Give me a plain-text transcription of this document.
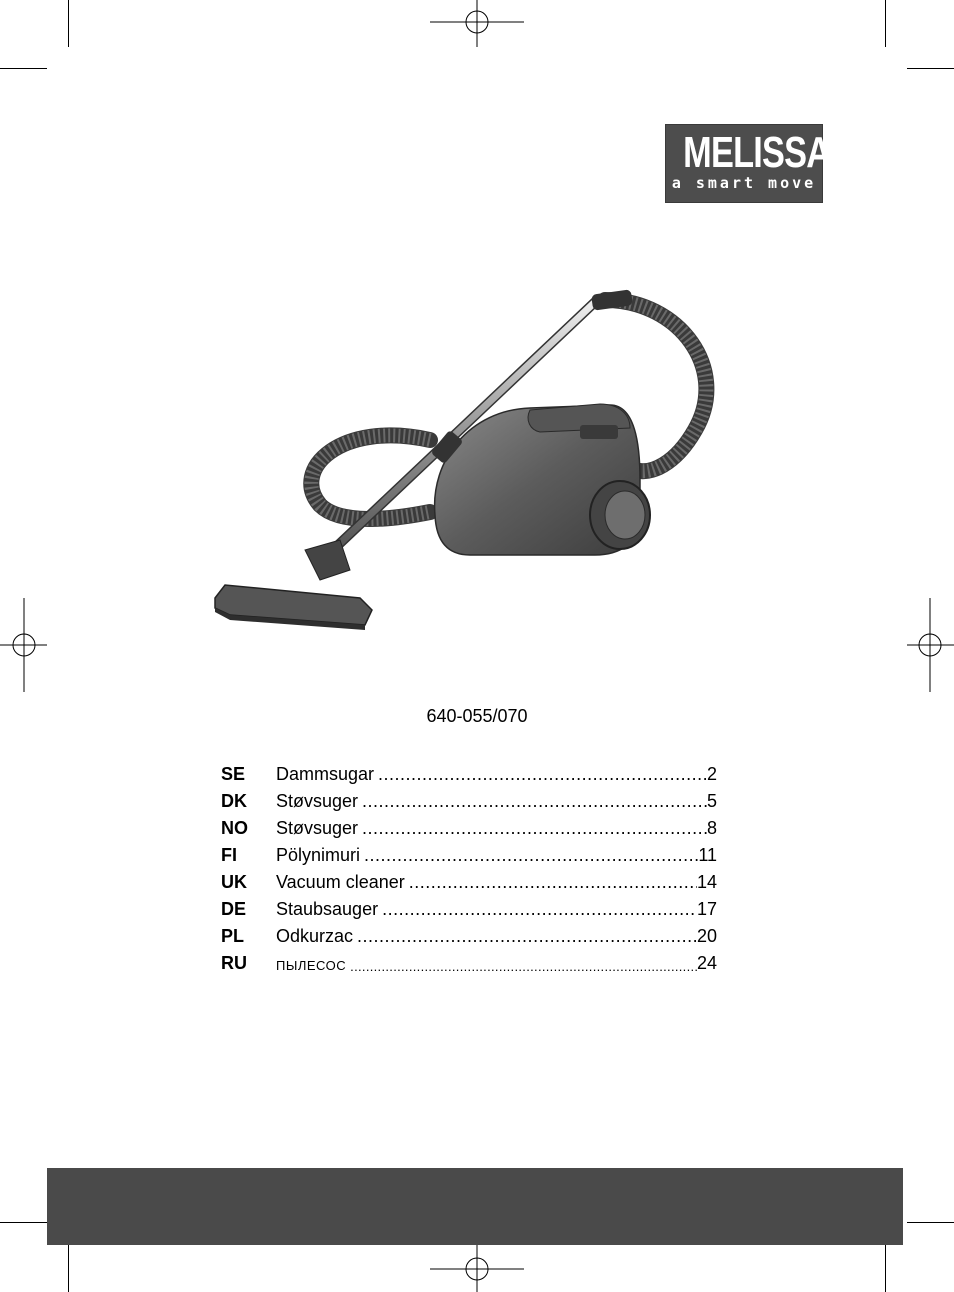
MELISSA
a smart move
640-055/070
SE	Dammsugar .....	2
DK	Støvsuger .....	5
NO	Støvsuger .....	8
FI	Pölynimuri .....	11
UK	Vacuum cleaner .....	14
DE	Staubsauger .....	17
PL	Odkurzac .....	20
RU	ПЫЛЕСОС .....	24
